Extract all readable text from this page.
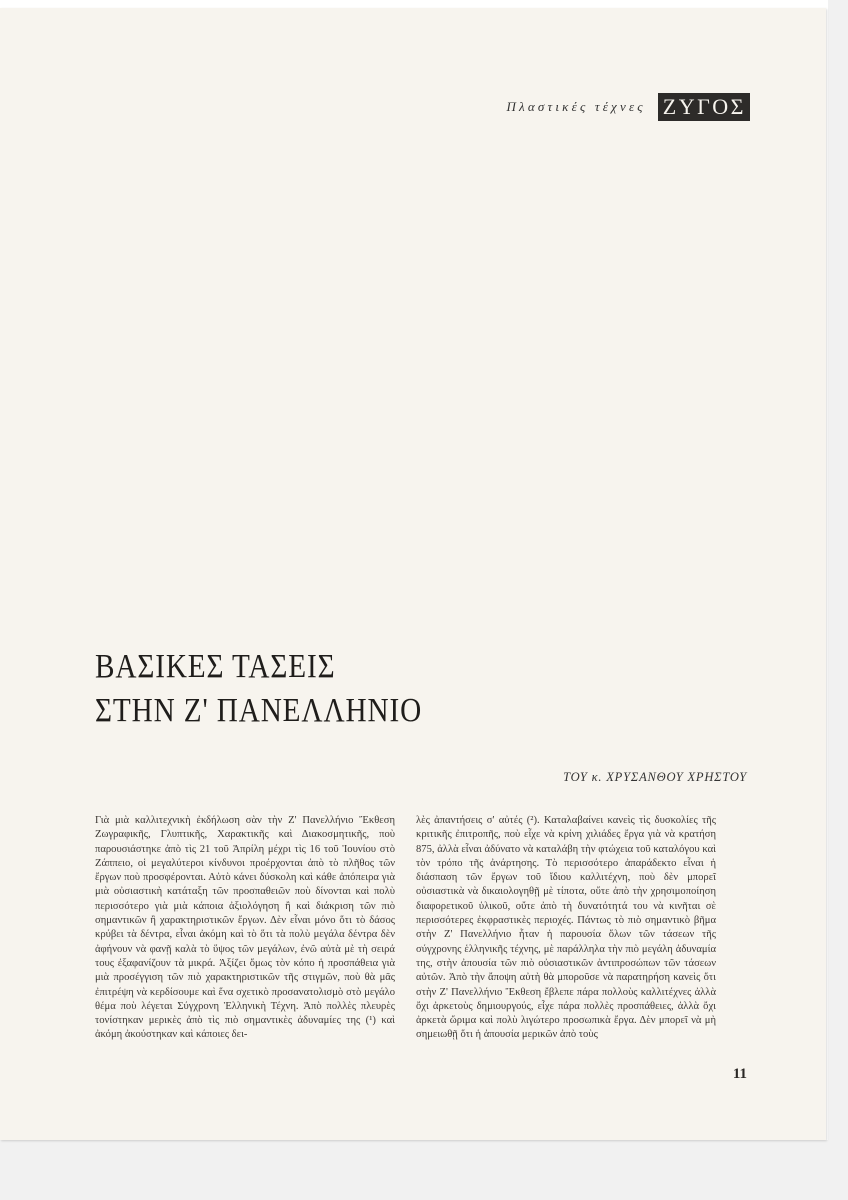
Πλαστικές τέχνες ΖΥΓΟΣ
ΒΑΣΙΚΕΣ ΤΑΣΕΙΣ
ΣΤΗΝ Ζ' ΠΑΝΕΛΛΗΝΙΟ
ΤΟΥ κ. ΧΡΥΣΑΝΘΟΥ ΧΡΗΣΤΟΥ

Γιὰ μιὰ καλλιτεχνικὴ ἐκδήλωση σὰν τὴν Ζ' Πανελλήνιο Ἔκθεση Ζωγραφικῆς, Γλυπτικῆς, Χαρακτικῆς καὶ Διακοσμητικῆς, ποὺ παρουσιάστηκε ἀπὸ τὶς 21 τοῦ Ἀπρίλη μέχρι τὶς 16 τοῦ Ἰουνίου στὸ Ζάππειο, οἱ μεγαλύτεροι κίνδυνοι προέρχονται ἀπὸ τὸ πλῆθος τῶν ἔργων ποὺ προσφέρονται. Αὐτὸ κάνει δύσκολη καὶ κάθε ἀπόπειρα γιὰ μιὰ οὐσιαστικὴ κατάταξη τῶν προσπαθειῶν ποὺ δίνονται καὶ πολὺ περισσότερο γιὰ μιὰ κάποια ἀξιολόγηση ἢ καὶ διάκριση τῶν πιὸ σημαντικῶν ἢ χαρακτηριστικῶν ἔργων. Δὲν εἶναι μόνο ὅτι τὸ δάσος κρύβει τὰ δέντρα, εἶναι ἀκόμη καὶ τὸ ὅτι τὰ πολὺ μεγάλα δέντρα δὲν ἀφήνουν νὰ φανῇ καλὰ τὸ ὕψος τῶν μεγάλων, ἐνῶ αὐτὰ μὲ τὴ σειρά τους ἐξαφανίζουν τὰ μικρά. Ἀξίζει ὅμως τὸν κόπο ἡ προσπάθεια γιὰ μιὰ προσέγγιση τῶν πιὸ χαρακτηριστικῶν τῆς στιγμῶν, ποὺ θὰ μᾶς ἐπιτρέψη νὰ κερδίσουμε καὶ ἕνα σχετικὸ προσανατολισμὸ στὸ μεγάλο θέμα ποὺ λέγεται Σύγχρονη Ἑλληνικὴ Τέχνη. Ἀπὸ πολλὲς πλευρὲς τονίστηκαν μερικὲς ἀπὸ τὶς πιὸ σημαντικὲς ἀδυναμίες της (¹) καὶ ἀκόμη ἀκούστηκαν καὶ κάποιες δει-

λὲς ἀπαντήσεις σ' αὐτές (²). Καταλαβαίνει κανεὶς τὶς δυσκολίες τῆς κριτικῆς ἐπιτροπῆς, ποὺ εἶχε νὰ κρίνη χιλιάδες ἔργα γιὰ νὰ κρατήση 875, ἀλλὰ εἶναι ἀδύνατο νὰ καταλάβη τὴν φτώχεια τοῦ καταλόγου καὶ τὸν τρόπο τῆς ἀνάρτησης. Τὸ περισσότερο ἀπαράδεκτο εἶναι ἡ διάσπαση τῶν ἔργων τοῦ ἴδιου καλλιτέχνη, ποὺ δὲν μπορεῖ οὐσιαστικὰ νὰ δικαιολογηθῇ μὲ τίποτα, οὔτε ἀπὸ τὴν χρησιμοποίηση διαφορετικοῦ ὑλικοῦ, οὔτε ἀπὸ τὴ δυνατότητά του νὰ κινῆται σὲ περισσότερες ἐκφραστικὲς περιοχές. Πάντως τὸ πιὸ σημαντικὸ βῆμα στὴν Ζ' Πανελλήνιο ἦταν ἡ παρουσία ὅλων τῶν τάσεων τῆς σύγχρονης ἑλληνικῆς τέχνης, μὲ παράλληλα τὴν πιὸ μεγάλη ἀδυναμία της, στὴν ἀπουσία τῶν πιὸ οὐσιαστικῶν ἀντιπροσώπων τῶν τάσεων αὐτῶν. Ἀπὸ τὴν ἄποψη αὐτὴ θὰ μποροῦσε νὰ παρατηρήση κανεὶς ὅτι στὴν Ζ' Πανελλήνιο Ἔκθεση ἔβλεπε πάρα πολλοὺς καλλιτέχνες ἀλλὰ ὄχι ἀρκετοὺς δημιουργούς, εἶχε πάρα πολλὲς προσπάθειες, ἀλλὰ ὄχι ἀρκετὰ ὥριμα καὶ πολὺ λιγώτερο προσωπικὰ ἔργα. Δὲν μπορεῖ νὰ μὴ σημειωθῇ ὅτι ἡ ἀπουσία μερικῶν ἀπὸ τοὺς

11
